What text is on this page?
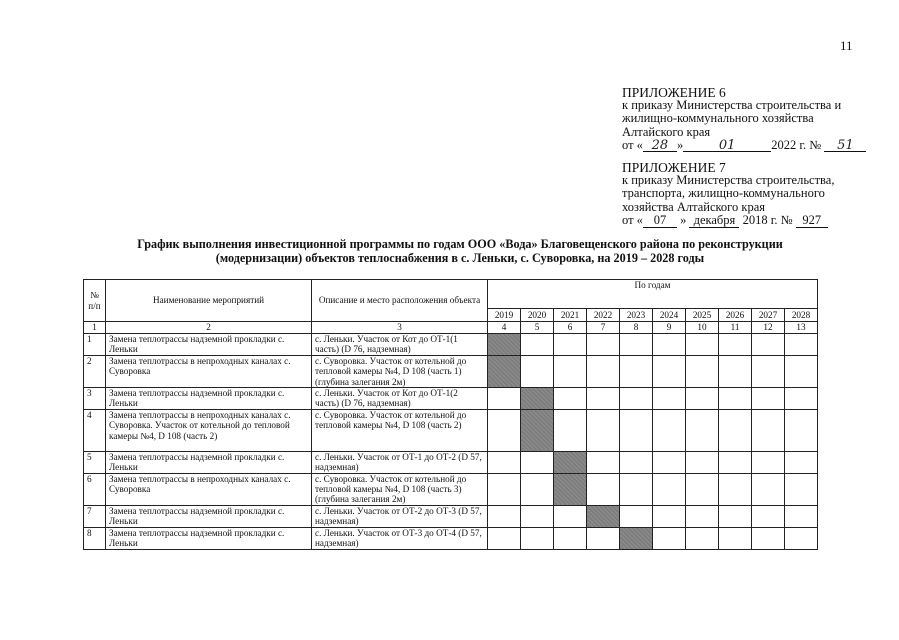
11
ПРИЛОЖЕНИЕ 6
к приказу Министерства строительства и
жилищно-коммунального хозяйства
Алтайского края
от « 28 »	01	2022 г. № 51
ПРИЛОЖЕНИЕ 7
к приказу Министерства строительства,
транспорта, жилищно-коммунального
хозяйства Алтайского края
от « 07 » декабря 2018 г. № 927
График выполнения инвестиционной программы по годам ООО «Вода» Благовещенского района по реконструкции (модернизации) объектов теплоснабжения в с. Леньки, с. Суворовка, на 2019 – 2028 годы
№ п/п	Наименование мероприятий	Описание и место расположения объекта	По годам									
			2019	2020	2021	2022	2023	2024	2025	2026	2027	2028
1	2	3	4	5	6	7	8	9	10	11	12	13
1	Замена теплотрассы надземной прокладки с. Леньки	с. Леньки. Участок от Кот до ОТ-1(1 часть) (D 76, надземная)										
2	Замена теплотрассы в непроходных каналах с. Суворовка	с. Суворовка. Участок от котельной до тепловой камеры №4, D 108 (часть 1) (глубина залегания 2м)										
3	Замена теплотрассы надземной прокладки с. Леньки	с. Леньки. Участок от Кот до ОТ-1(2 часть) (D 76, надземная)										
4	Замена теплотрассы в непроходных каналах с. Суворовка. Участок от котельной до тепловой камеры №4, D 108 (часть 2)	с. Суворовка. Участок от котельной до тепловой камеры №4, D 108 (часть 2)										
5	Замена теплотрассы надземной прокладки с. Леньки	с. Леньки. Участок от ОТ-1 до ОТ-2 (D 57, надземная)										
6	Замена теплотрассы в непроходных каналах с. Суворовка	с. Суворовка. Участок от котельной до тепловой камеры №4, D 108 (часть 3) (глубина залегания 2м)										
7	Замена теплотрассы надземной прокладки с. Леньки	с. Леньки. Участок от ОТ-2 до ОТ-3 (D 57, надземная)										
8	Замена теплотрассы надземной прокладки с. Леньки	с. Леньки. Участок от ОТ-3 до ОТ-4 (D 57, надземная)										
